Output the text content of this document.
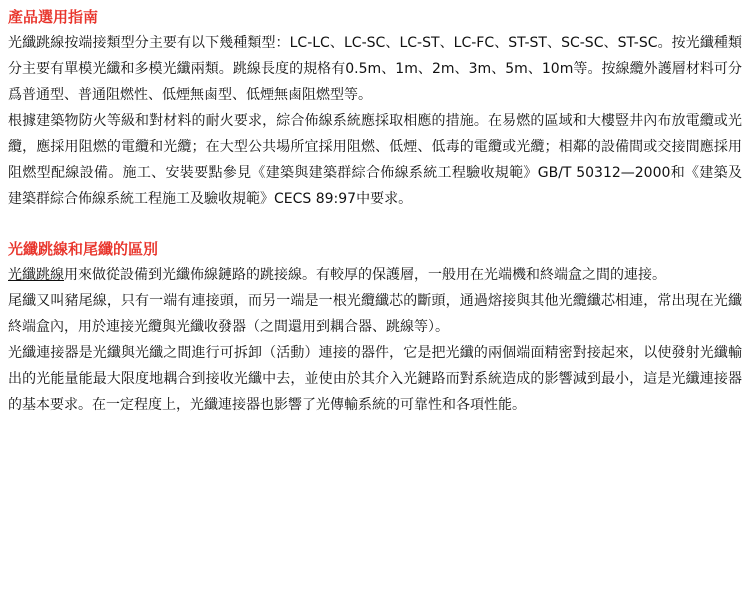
產品選用指南

光纖跳線按端接類型分主要有以下幾種類型：LC-LC、LC-SC、LC-ST、LC-FC、ST-ST、SC-SC、ST-SC。按光纖種類分主要有單模光纖和多模光纖兩類。跳線長度的規格有0.5m、1m、2m、3m、5m、10m等。按線纜外護層材料可分爲普通型、普通阻燃性、低煙無鹵型、低煙無鹵阻燃型等。

根據建築物防火等級和對材料的耐火要求，綜合佈線系統應採取相應的措施。在易燃的區域和大樓豎井內布放電纜或光纜，應採用阻燃的電纜和光纜；在大型公共場所宜採用阻燃、低煙、低毒的電纜或光纜；相鄰的設備間或交接間應採用阻燃型配線設備。施工、安裝要點參見《建築與建築群綜合佈線系統工程驗收規範》GB/T 50312—2000和《建築及建築群綜合佈線系統工程施工及驗收規範》CECS 89:97中要求。

光纖跳線和尾纖的區別

光纖跳線用來做從設備到光纖佈線鏈路的跳接線。有較厚的保護層，一般用在光端機和終端盒之間的連接。

尾纖又叫豬尾線，只有一端有連接頭，而另一端是一根光纜纖芯的斷頭，通過熔接與其他光纜纖芯相連，常出現在光纖終端盒內，用於連接光纜與光纖收發器（之間還用到耦合器、跳線等）。

光纖連接器是光纖與光纖之間進行可拆卸（活動）連接的器件，它是把光纖的兩個端面精密對接起來，以使發射光纖輸出的光能量能最大限度地耦合到接收光纖中去，並使由於其介入光鏈路而對系統造成的影響減到最小，這是光纖連接器的基本要求。在一定程度上，光纖連接器也影響了光傳輸系統的可靠性和各項性能。
